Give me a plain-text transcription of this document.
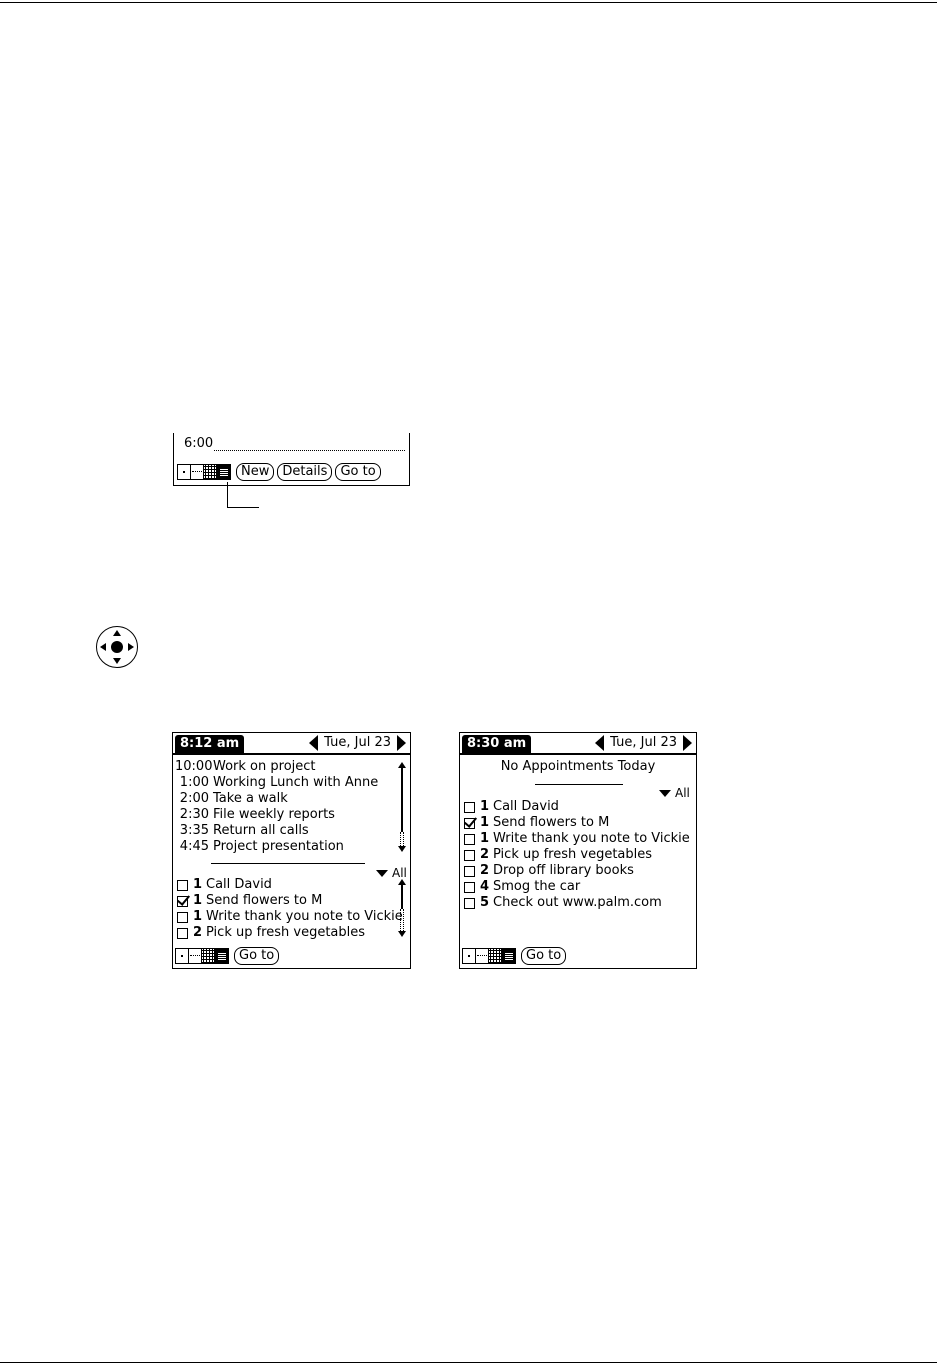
6:00
New	Details	Go to
8:12 am	Tue, Jul 23
10:00Work on project
1:00 Working Lunch with Anne
2:00 Take a walk
2:30 File weekly reports
3:35 Return all calls
4:45 Project presentation
All
1 Call David
1 Send flowers to M
1 Write thank you note to Vickie
2 Pick up fresh vegetables
Go to
8:30 am	Tue, Jul 23
No Appointments Today
All
1 Call David
1 Send flowers to M
1 Write thank you note to Vickie
2 Pick up fresh vegetables
2 Drop off library books
4 Smog the car
5 Check out www.palm.com
Go to
